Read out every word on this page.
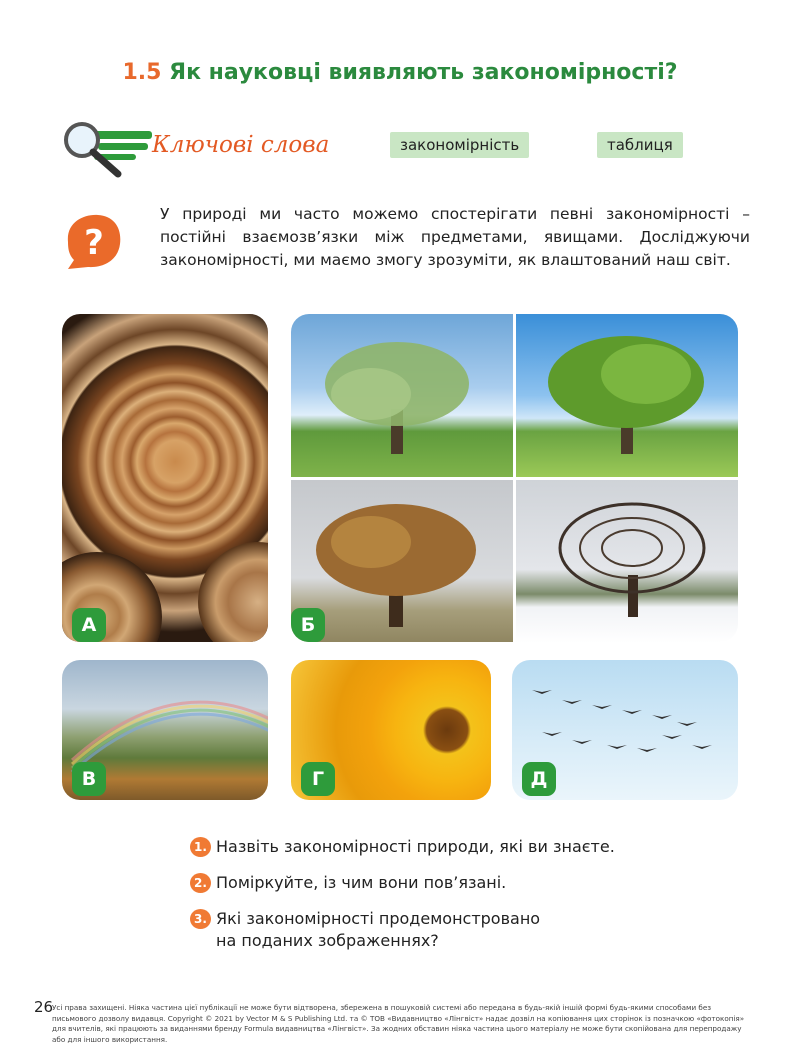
1.5 Як науковці виявляють закономірності?
Ключові слова	закономірність	таблиця
?
У природі ми часто можемо спостерігати певні закономірності – постійні взаємозв’язки між предметами, явищами. Досліджуючи закономірності, ми маємо змогу зрозуміти, як влаштований наш світ.
А	Б
В	Г	Д
1. Назвіть закономірності природи, які ви знаєте.
2. Поміркуйте, із чим вони пов’язані.
3. Які закономірності продемонстровано на поданих зображеннях?
26
Усі права захищені. Ніяка частина цієї публікації не може бути відтворена, збережена в пошуковій системі або передана в будь-якій іншій формі будь-якими способами без письмового дозволу видавця. Copyright © 2021 by Vector M & S Publishing Ltd. та © ТОВ «Видавництво «Лінгвіст» надає дозвіл на копіювання цих сторінок із позначкою «фотокопія» для вчителів, які працюють за виданнями бренду Formula видавництва «Лінгвіст». За жодних обставин ніяка частина цього матеріалу не може бути скопійована для перепродажу або для іншого використання.
